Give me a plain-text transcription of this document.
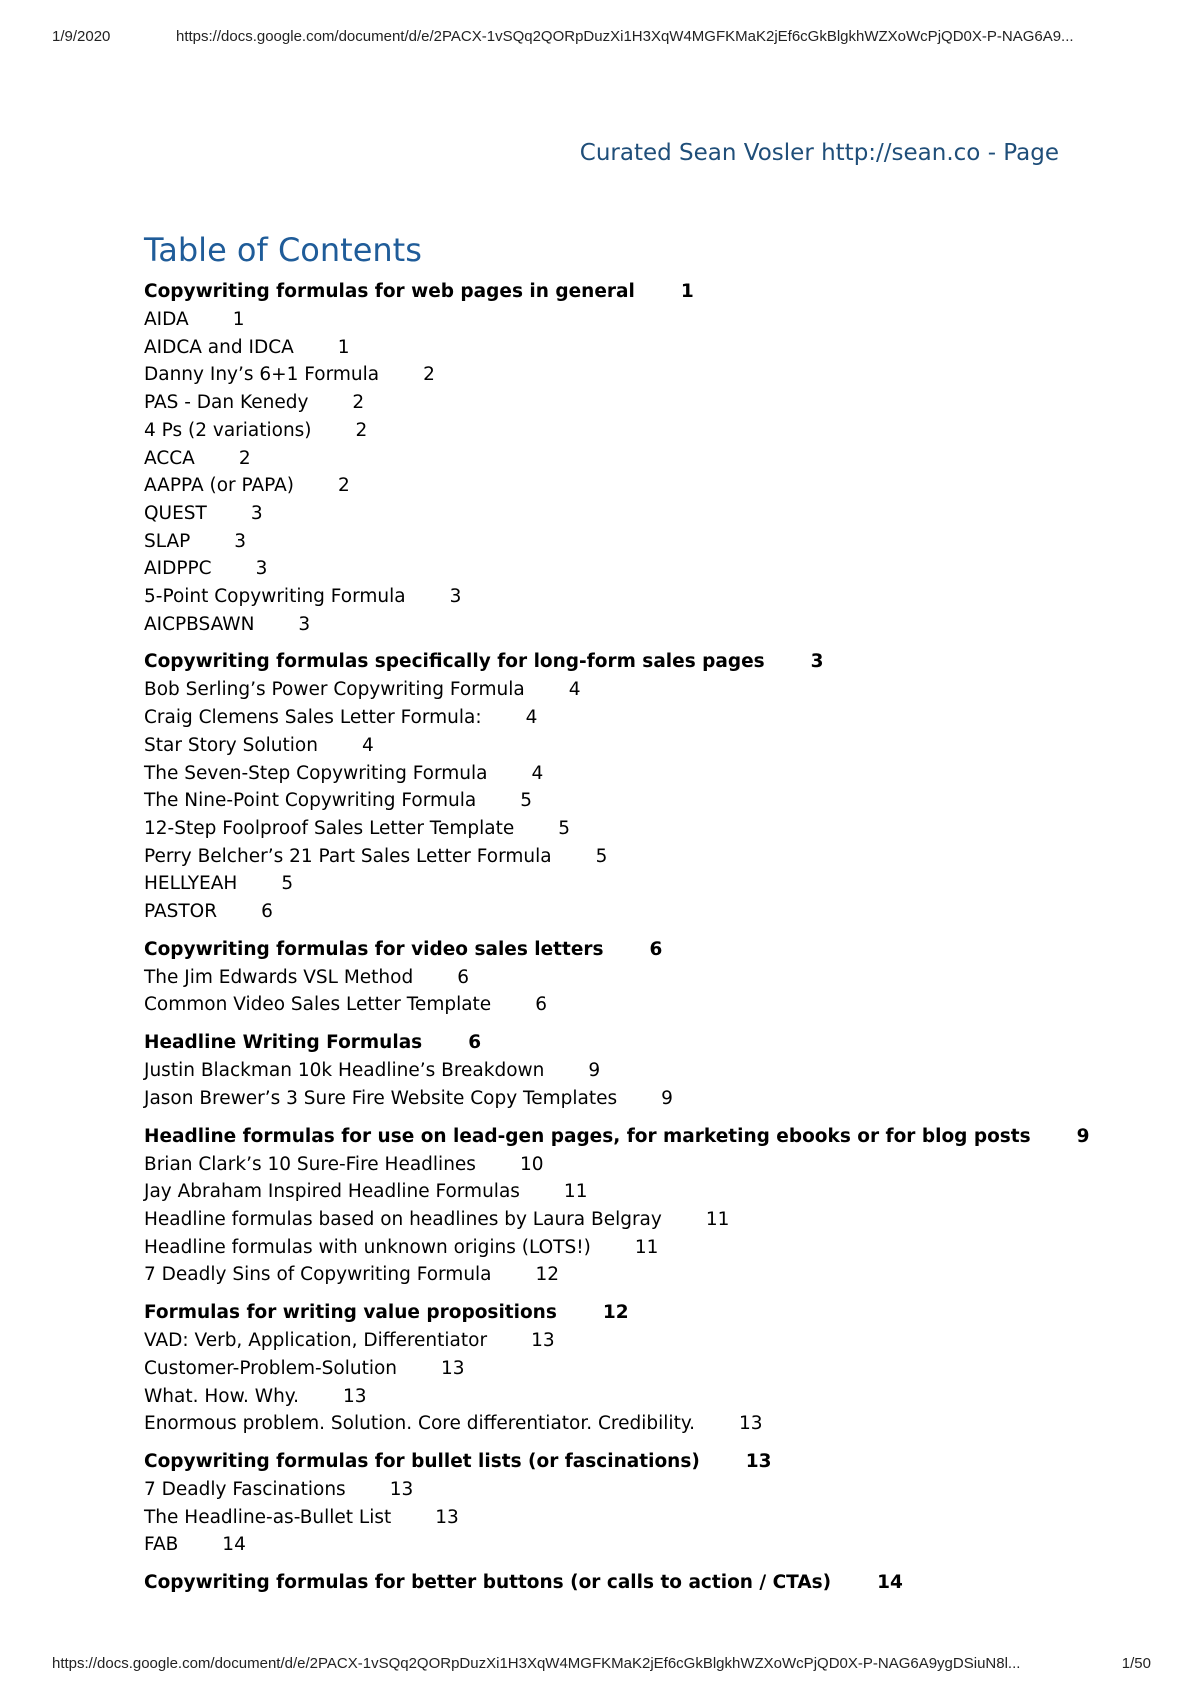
1/9/2020	https://docs.google.com/document/d/e/2PACX-1vSQq2QORpDuzXi1H3XqW4MGFKMaK2jEf6cGkBlgkhWZXoWcPjQD0X-P-NAG6A9...
Curated Sean Vosler http://sean.co - Page
Table of Contents
Copywriting formulas for web pages in general 1
AIDA 1
AIDCA and IDCA 1
Danny Iny’s 6+1 Formula 2
PAS - Dan Kenedy 2
4 Ps (2 variations) 2
ACCA 2
AAPPA (or PAPA) 2
QUEST 3
SLAP 3
AIDPPC 3
5-Point Copywriting Formula 3
AICPBSAWN 3
Copywriting formulas specifically for long-form sales pages 3
Bob Serling’s Power Copywriting Formula 4
Craig Clemens Sales Letter Formula: 4
Star Story Solution 4
The Seven-Step Copywriting Formula 4
The Nine-Point Copywriting Formula 5
12-Step Foolproof Sales Letter Template 5
Perry Belcher’s 21 Part Sales Letter Formula 5
HELLYEAH 5
PASTOR 6
Copywriting formulas for video sales letters 6
The Jim Edwards VSL Method 6
Common Video Sales Letter Template 6
Headline Writing Formulas 6
Justin Blackman 10k Headline’s Breakdown 9
Jason Brewer’s 3 Sure Fire Website Copy Templates 9
Headline formulas for use on lead-gen pages, for marketing ebooks or for blog posts 9
Brian Clark’s 10 Sure-Fire Headlines 10
Jay Abraham Inspired Headline Formulas 11
Headline formulas based on headlines by Laura Belgray 11
Headline formulas with unknown origins (LOTS!) 11
7 Deadly Sins of Copywriting Formula 12
Formulas for writing value propositions 12
VAD: Verb, Application, Differentiator 13
Customer-Problem-Solution 13
What. How. Why. 13
Enormous problem. Solution. Core differentiator. Credibility. 13
Copywriting formulas for bullet lists (or fascinations) 13
7 Deadly Fascinations 13
The Headline-as-Bullet List 13
FAB 14
Copywriting formulas for better buttons (or calls to action / CTAs) 14
https://docs.google.com/document/d/e/2PACX-1vSQq2QORpDuzXi1H3XqW4MGFKMaK2jEf6cGkBlgkhWZXoWcPjQD0X-P-NAG6A9ygDSiuN8l...	1/50
